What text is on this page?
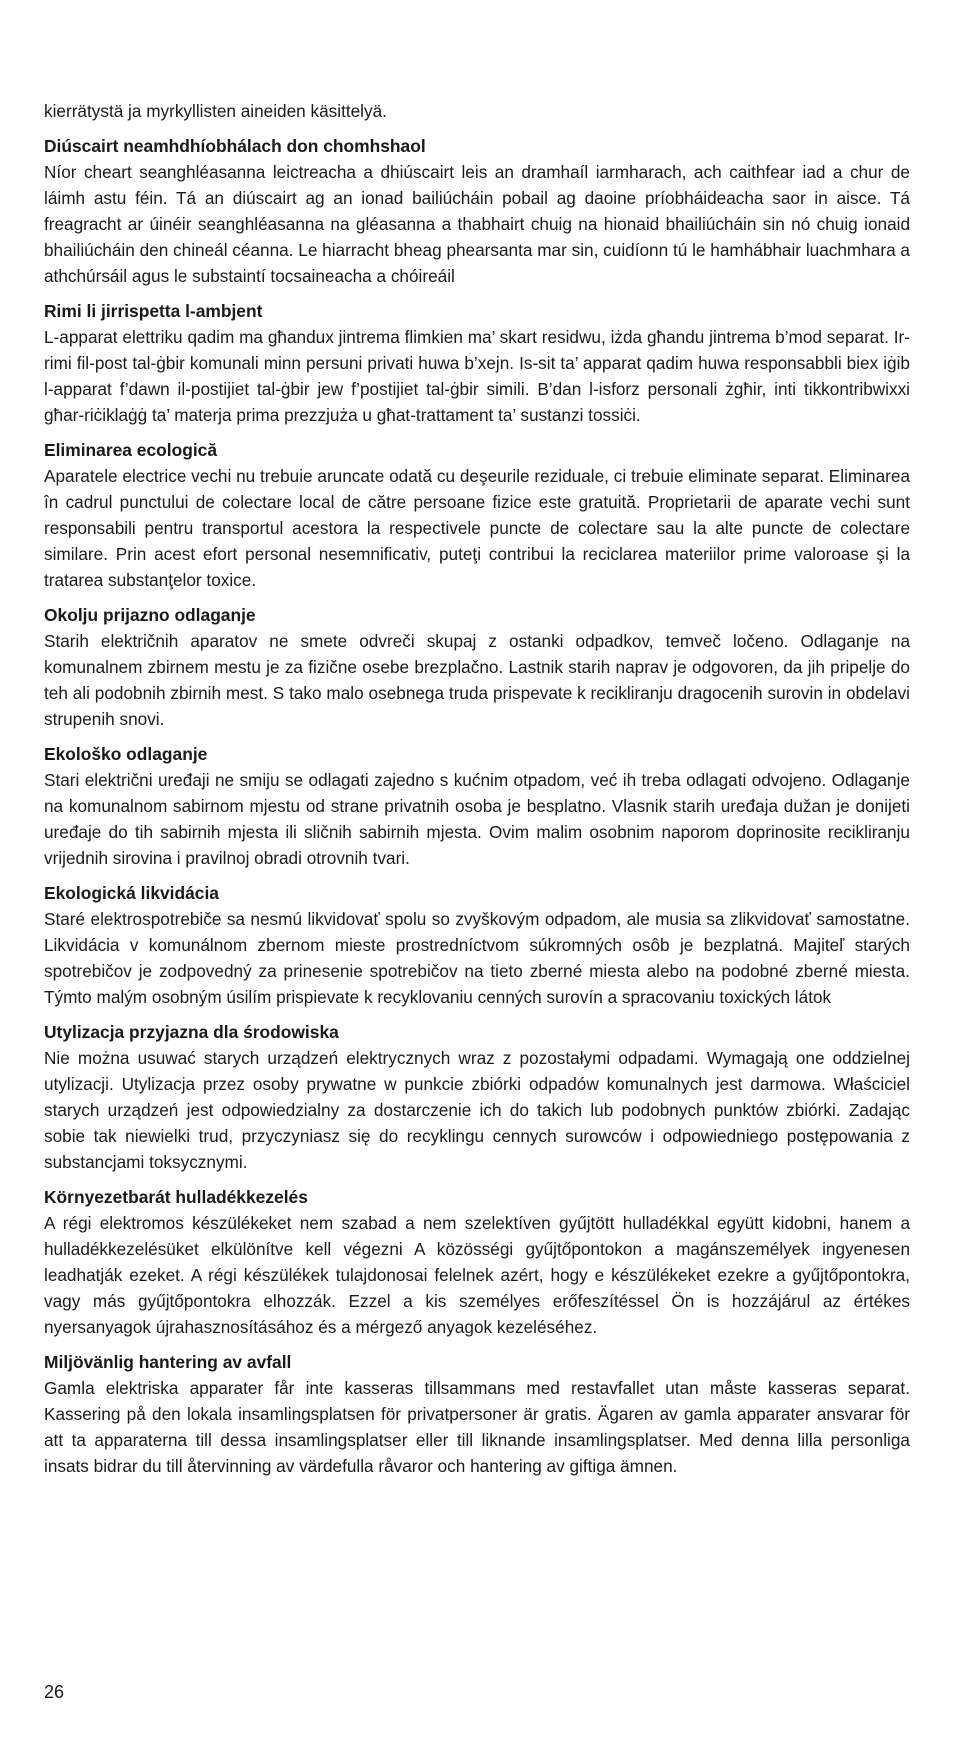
kierrätystä ja myrkyllisten aineiden käsittelyä.

Diúscairt neamhdhíobhálach don chomhshaol

Níor cheart seanghléasanna leictreacha a dhiúscairt leis an dramhaíl iarmharach, ach caithfear iad a chur de láimh astu féin. Tá an diúscairt ag an ionad bailiúcháin pobail ag daoine príobháideacha saor in aisce. Tá freagracht ar úinéir seanghléasanna na gléasanna a thabhairt chuig na hionaid bhailiúcháin sin nó chuig ionaid bhailiúcháin den chineál céanna. Le hiarracht bheag phearsanta mar sin, cuidíonn tú le hamhábhair luachmhara a athchúrsáil agus le substaintí tocsaineacha a chóireáil

Rimi li jirrispetta l-ambjent

L-apparat elettriku qadim ma għandux jintrema flimkien ma’ skart residwu, iżda għandu jintrema b’mod separat. Ir-rimi fil-post tal-ġbir komunali minn persuni privati huwa b’xejn. Is-sit ta’ apparat qadim huwa responsabbli biex iġib l-apparat f’dawn il-postijiet tal-ġbir jew f’postijiet tal-ġbir simili. B’dan l-isforz personali żgħir, inti tikkontribwixxi għar-riċiklaġġ ta’ materja prima prezzjuża u għat-trattament ta’ sustanzi tossiċi.

Eliminarea ecologică

Aparatele electrice vechi nu trebuie aruncate odată cu deşeurile reziduale, ci trebuie eliminate separat. Eliminarea în cadrul punctului de colectare local de către persoane fizice este gratuită. Proprietarii de aparate vechi sunt responsabili pentru transportul acestora la respectivele puncte de colectare sau la alte puncte de colectare similare. Prin acest efort personal nesemnificativ, puteţi contribui la reciclarea materiilor prime valoroase şi la tratarea substanţelor toxice.

Okolju prijazno odlaganje

Starih električnih aparatov ne smete odvreči skupaj z ostanki odpadkov, temveč ločeno. Odlaganje na komunalnem zbirnem mestu je za fizične osebe brezplačno. Lastnik starih naprav je odgovoren, da jih pripelje do teh ali podobnih zbirnih mest. S tako malo osebnega truda prispevate k recikliranju dragocenih surovin in obdelavi strupenih snovi.

Ekološko odlaganje

Stari električni uređaji ne smiju se odlagati zajedno s kućnim otpadom, već ih treba odlagati odvojeno. Odlaganje na komunalnom sabirnom mjestu od strane privatnih osoba je besplatno. Vlasnik starih uređaja dužan je donijeti uređaje do tih sabirnih mjesta ili sličnih sabirnih mjesta. Ovim malim osobnim naporom doprinosite recikliranju vrijednih sirovina i pravilnoj obradi otrovnih tvari.

Ekologická likvidácia

Staré elektrospotrebiče sa nesmú likvidovať spolu so zvyškovým odpadom, ale musia sa zlikvidovať samostatne. Likvidácia v komunálnom zbernom mieste prostredníctvom súkromných osôb je bezplatná. Majiteľ starých spotrebičov je zodpovedný za prinesenie spotrebičov na tieto zberné miesta alebo na podobné zberné miesta. Týmto malým osobným úsilím prispievate k recyklovaniu cenných surovín a spracovaniu toxických látok

Utylizacja przyjazna dla środowiska

Nie można usuwać starych urządzeń elektrycznych wraz z pozostałymi odpadami. Wymagają one oddzielnej utylizacji. Utylizacja przez osoby prywatne w punkcie zbiórki odpadów komunalnych jest darmowa. Właściciel starych urządzeń jest odpowiedzialny za dostarczenie ich do takich lub podobnych punktów zbiórki. Zadając sobie tak niewielki trud, przyczyniasz się do recyklingu cennych surowców i odpowiedniego postępowania z substancjami toksycznymi.

Környezetbarát hulladékkezelés

A régi elektromos készülékeket nem szabad a nem szelektíven gyűjtött hulladékkal együtt kidobni, hanem a hulladékkezelésüket elkülönítve kell végezni A közösségi gyűjtőpontokon a magánszemélyek ingyenesen leadhatják ezeket. A régi készülékek tulajdonosai felelnek azért, hogy e készülékeket ezekre a gyűjtőpontokra, vagy más gyűjtőpontokra elhozzák. Ezzel a kis személyes erőfeszítéssel Ön is hozzájárul az értékes nyersanyagok újrahasznosításához és a mérgező anyagok kezeléséhez.

Miljövänlig hantering av avfall

Gamla elektriska apparater får inte kasseras tillsammans med restavfallet utan måste kasseras separat. Kassering på den lokala insamlingsplatsen för privatpersoner är gratis. Ägaren av gamla apparater ansvarar för att ta apparaterna till dessa insamlingsplatser eller till liknande insamlingsplatser. Med denna lilla personliga insats bidrar du till återvinning av värdefulla råvaror och hantering av giftiga ämnen.

26
